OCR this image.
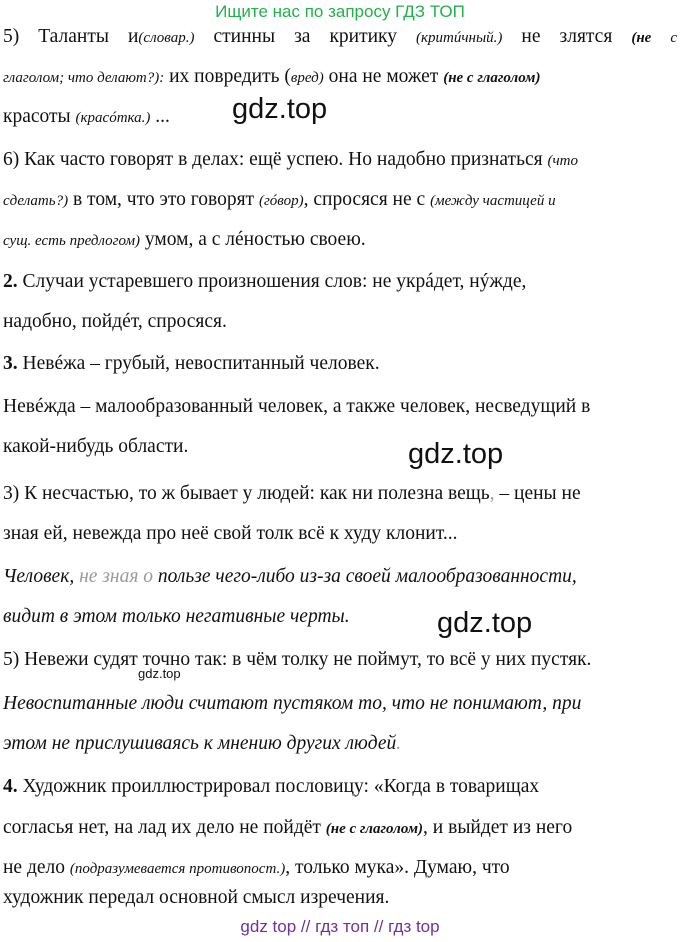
Ищите нас по запросу ГДЗ ТОП
5) Таланты и(словар.) стинны за критику (критúчный.) не злятся (не с
глаголом; что делают?): их повредить (вред) она не может (не с глаголом)
красоты (красóтка.) ...
6) Как часто говорят в делах: ещё успею. Но надобно признаться (что
сделать?) в том, что это говорят (гóвор), спросяся не с (между частицей и
сущ. есть предлогом) умом, а с лéностью своею.
2. Случаи устаревшего произношения слов: не укрáдет, нýжде,
надобно, пойдéт, спросяся.
3. Невéжа – грубый, невоспитанный человек.
Невéжда – малообразованный человек, а также человек, несведущий в
какой-нибудь области.
3) К несчастью, то ж бывает у людей: как ни полезна вещь, – цены не
зная ей, невежда про неё свой толк всё к худу клонит...
Человек, не зная о пользе чего-либо из-за своей малообразованности,
видит в этом только негативные черты.
5) Невежи судят точно так: в чём толку не поймут, то всё у них пустяк.
Невоспитанные люди считают пустяком то, что не понимают, при
этом не прислушиваясь к мнению других людей.
4. Художник проиллюстрировал пословицу: «Когда в товарищах
согласья нет, на лад их дело не пойдёт (не с глаголом), и выйдет из него
не дело (подразумевается противопост.), только мука». Думаю, что
художник передал основной смысл изречения.
gdz.top
gdz.top
gdz.top
gdz.top
gdz top // гдз топ // гдз top
